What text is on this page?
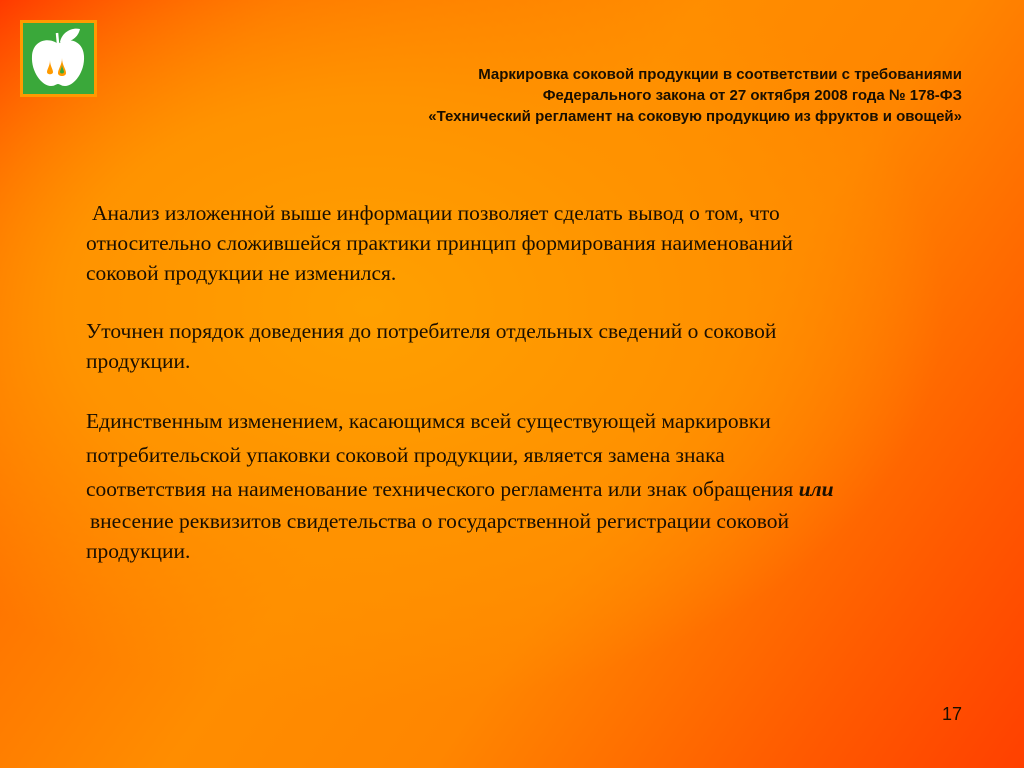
Маркировка соковой продукции в соответствии с требованиями
Федерального закона от 27 октября 2008 года № 178-ФЗ
«Технический регламент на соковую продукцию из фруктов и овощей»
Анализ изложенной выше информации позволяет сделать вывод о том, что
относительно сложившейся практики принцип формирования наименований
соковой продукции не изменился.
Уточнен порядок доведения до потребителя отдельных сведений о соковой
продукции.
Единственным изменением, касающимся всей существующей маркировки
потребительской упаковки соковой продукции, является замена знака
соответствия на наименование технического регламента или знак обращения или
внесение реквизитов свидетельства о государственной регистрации соковой
продукции.
17
